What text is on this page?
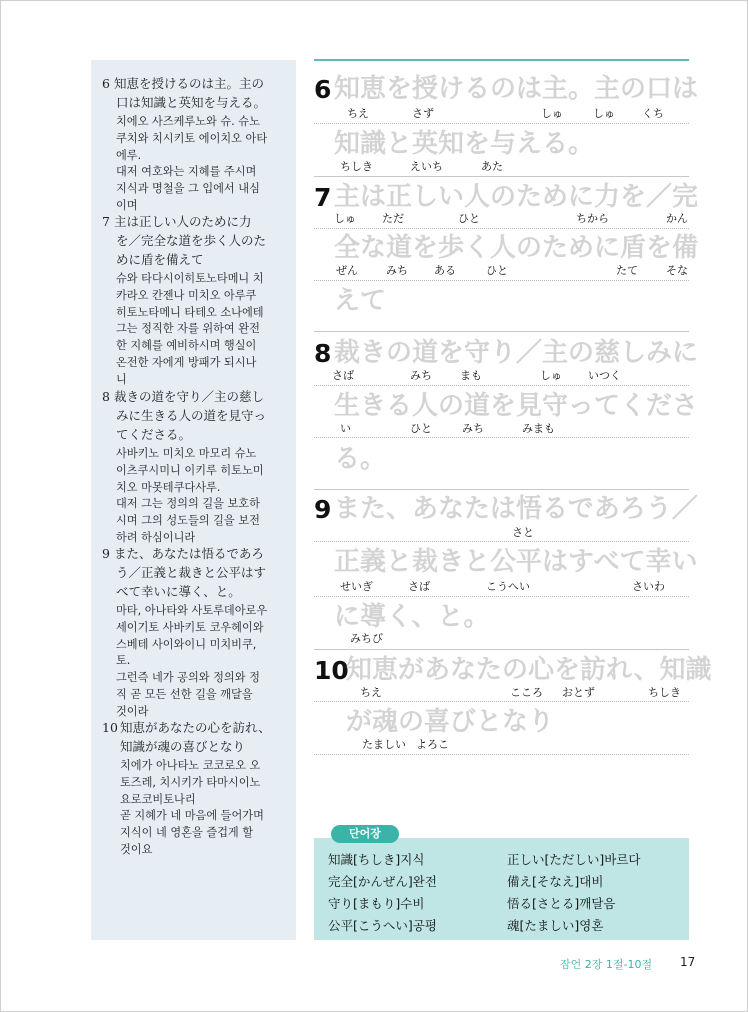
6 知恵を授けるのは主。主の
口は知識と英知を与える。
치에오 사즈케루노와 슈. 슈노
쿠치와 치시키토 에이치오 아타
에루.
대저 여호와는 지혜를 주시며
지식과 명철을 그 입에서 내심
이며
7 主は正しい人のために力
を／完全な道を歩く人のた
めに盾を備えて
슈와 타다시이히토노타메니 치
카라오 칸젠나 미치오 아루쿠
히토노타메니 타테오 소나에테
그는 정직한 자를 위하여 완전
한 지혜를 예비하시며 행실이
온전한 자에게 방패가 되시나
니
8 裁きの道を守り／主の慈し
みに生きる人の道を見守っ
てくださる。
사바키노 미치오 마모리 슈노
이츠쿠시미니 이키루 히토노미
치오 마못테쿠다사루.
대저 그는 정의의 길을 보호하
시며 그의 성도들의 길을 보전
하려 하심이니라
9 また、あなたは悟るであろ
う／正義と裁きと公平はす
べて幸いに導く、と。
마타, 아나타와 사토루데아로우
세이기토 사바키토 코우헤이와
스베테 사이와이니 미치비쿠,
토.
그런즉 네가 공의와 정의와 정
직 곧 모든 선한 길을 깨달을
것이라
10 知恵があなたの心を訪れ、
知識が魂の喜びとなり
치에가 아나타노 코코로오 오
토즈레, 치시키가 타마시이노
요로코비토나리
곧 지혜가 네 마음에 들어가며
지식이 네 영혼을 즐겁게 할
것이요
6 知恵を授けるのは主。主の口は
ちえ	さず	しゅ	しゅ くち
知識と英知を与える。
ちしき	えいち	あた
7 主は正しい人のために力を／完
しゅ ただ	ひと	ちから	かん
全な道を歩く人のために盾を備
ぜん	みち ある	ひと	たて	そな
えて
8 裁きの道を守り／主の慈しみに
さば	みち	まも	しゅ いつく
生きる人の道を見守ってくださ
い	ひと	みち	みまも
る。
9 また、あなたは悟るであろう／
さと
正義と裁きと公平はすべて幸い
せいぎ	さば	こうへい	さいわ
に導く、と。
みちび
10
知恵があなたの心を訪れ、知識
ちえ	こころ おとず	ちしき
が魂の喜びとなり
たましい よろこ
단어장
知識[ちしき]지식	正しい[ただしい]바르다
完全[かんぜん]완전	備え[そなえ]대비
守り[まもり]수비	悟る[さとる]깨달음
公平[こうへい]공평	魂[たましい]영혼
잠언 2장 1절-10절 17
